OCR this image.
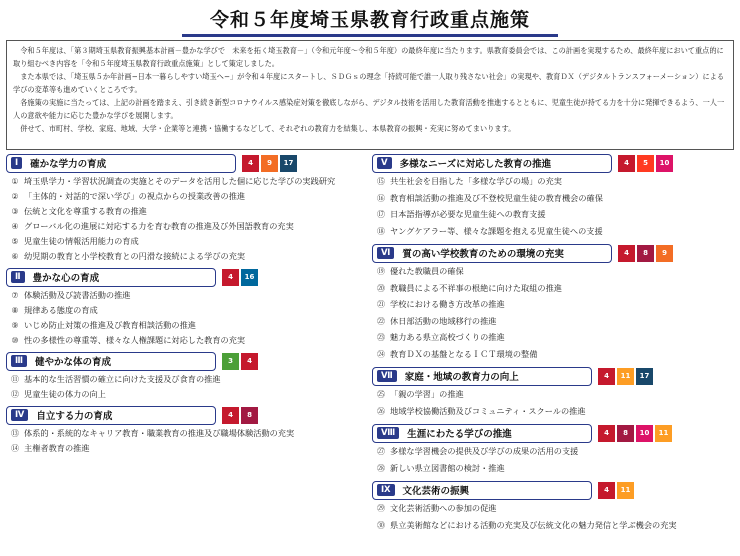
令和５年度埼玉県教育行政重点施策

令和５年度は、「第３期埼玉県教育振興基本計画－豊かな学びで　未来を拓く埼玉教育－」（令和元年度～令和５年度）の最終年度に当たります。県教育委員会では、この計画を実現するため、最終年度において重点的に取り組むべき内容を「令和５年度埼玉県教育行政重点施策」として策定しました。

また本県では、「埼玉県５か年計画−日本一暮らしやすい埼玉へ−」が令和４年度にスタートし、ＳＤＧｓの理念「持続可能で誰一人取り残さない社会」の実現や、教育ＤＸ（デジタルトランスフォーメーション）による学びの変革等も進めていくところです。

各施策の実施に当たっては、上記の計画を踏まえ、引き続き新型コロナウイルス感染症対策を徹底しながら、デジタル技術を活用した教育活動を推進するとともに、児童生徒が持てる力を十分に発揮できるよう、一人一人の意欲や能力に応じた豊かな学びを展開します。

併せて、市町村、学校、家庭、地域、大学・企業等と連携・協働するなどして、それぞれの教育力を結集し、本県教育の振興・充実に努めてまいります。

Ⅰ	確かな学力の育成	4	9	17
① 埼玉県学力・学習状況調査の実施とそのデータを活用した個に応じた学びの実践研究
② 「主体的・対話的で深い学び」の視点からの授業改善の推進
③ 伝統と文化を尊重する教育の推進
④ グローバル化の進展に対応する力を育む教育の推進及び外国語教育の充実
⑤ 児童生徒の情報活用能力の育成
⑥ 幼児期の教育と小学校教育との円滑な接続による学びの充実
Ⅱ	豊かな心の育成	4	16
⑦ 体験活動及び読書活動の推進
⑧ 規律ある態度の育成
⑨ いじめ防止対策の推進及び教育相談活動の推進
⑩ 性の多様性の尊重等、様々な人権課題に対応した教育の充実
Ⅲ	健やかな体の育成	3	4
⑪ 基本的な生活習慣の確立に向けた支援及び食育の推進
⑫ 児童生徒の体力の向上
Ⅳ	自立する力の育成	4	8
⑬ 体系的・系統的なキャリア教育・職業教育の推進及び職場体験活動の充実
⑭ 主権者教育の推進
Ⅴ	多様なニーズに対応した教育の推進	4	5	10
⑮ 共生社会を目指した「多様な学びの場」の充実
⑯ 教育相談活動の推進及び不登校児童生徒の教育機会の確保
⑰ 日本語指導が必要な児童生徒への教育支援
⑱ ヤングケアラー等、様々な課題を抱える児童生徒への支援
Ⅵ	質の高い学校教育のための環境の充実	4	8	9
⑲ 優れた教職員の確保
⑳ 教職員による不祥事の根絶に向けた取組の推進
㉑ 学校における働き方改革の推進
㉒ 休日部活動の地域移行の推進
㉓ 魅力ある県立高校づくりの推進
㉔ 教育ＤＸの基盤となるＩＣＴ環境の整備
Ⅶ	家庭・地域の教育力の向上	4	11	17
㉕ 「親の学習」の推進
㉖ 地域学校協働活動及びコミュニティ・スクールの推進
Ⅷ	生涯にわたる学びの推進	4	8	10	11
㉗ 多様な学習機会の提供及び学びの成果の活用の支援
㉘ 新しい県立図書館の検討・推進
Ⅸ	文化芸術の振興	4	11
㉙ 文化芸術活動への参加の促進
㉚ 県立美術館などにおける活動の充実及び伝統文化の魅力発信と学ぶ機会の充実
